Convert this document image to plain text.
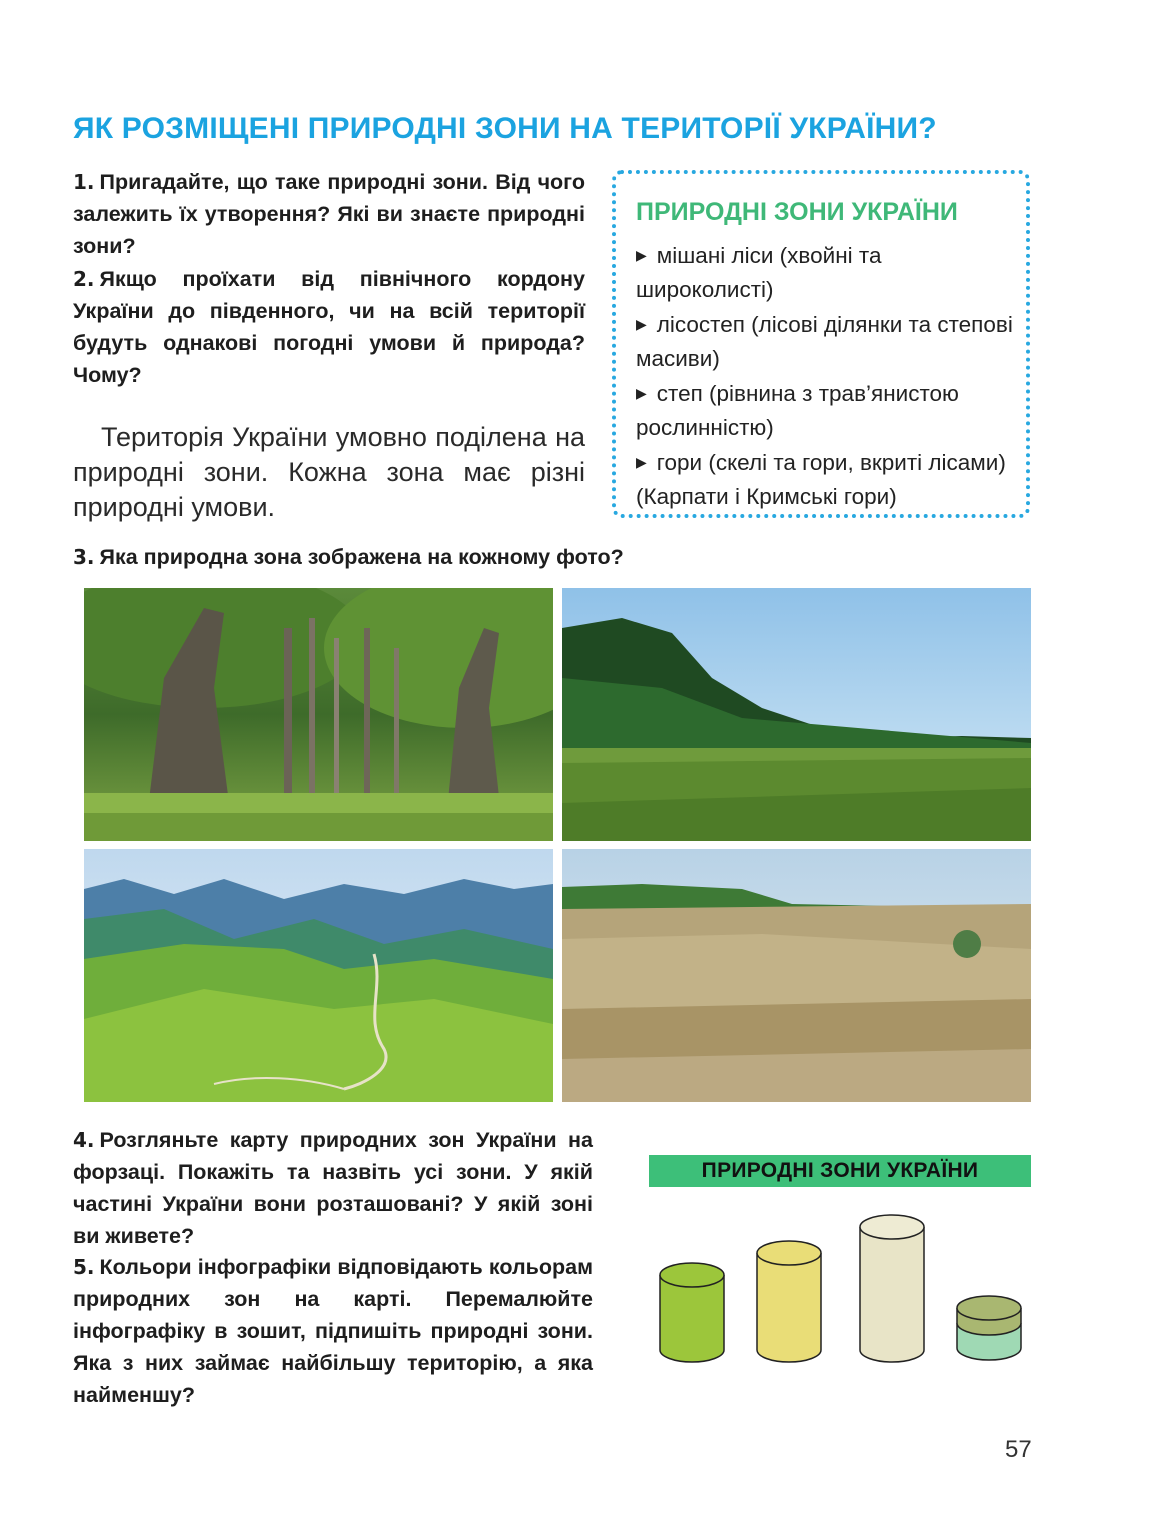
ЯК РОЗМІЩЕНІ ПРИРОДНІ ЗОНИ НА ТЕРИТОРІЇ УКРАЇНИ?

1. Пригадайте, що таке природні зони. Від чого залежить їх утворення? Які ви знаєте природні зони?

2. Якщо проїхати від північного кордону України до південного, чи на всій території будуть однакові погодні умови й природа? Чому?

Територія України умовно поділена на природні зони. Кожна зона має різні природні умови.

ПРИРОДНІ ЗОНИ УКРАЇНИ
▶ мішані ліси (хвойні та широколисті)
▶ лісостеп (лісові ділянки та степові масиви)
▶ степ (рівнина з трав’янистою рослинністю)
▶ гори (скелі та гори, вкриті лісами) (Карпати і Кримські гори)

3. Яка природна зона зображена на кожному фото?

4. Розгляньте карту природних зон України на форзаці. Покажіть та назвіть усі зони. У якій частині України вони розташовані? У якій зоні ви живете?

5. Кольори інфографіки відповідають кольорам природних зон на карті. Перемалюйте інфографіку в зошит, підпишіть природні зони. Яка з них займає найбільшу територію, а яка найменшу?

ПРИРОДНІ ЗОНИ УКРАЇНИ
57
